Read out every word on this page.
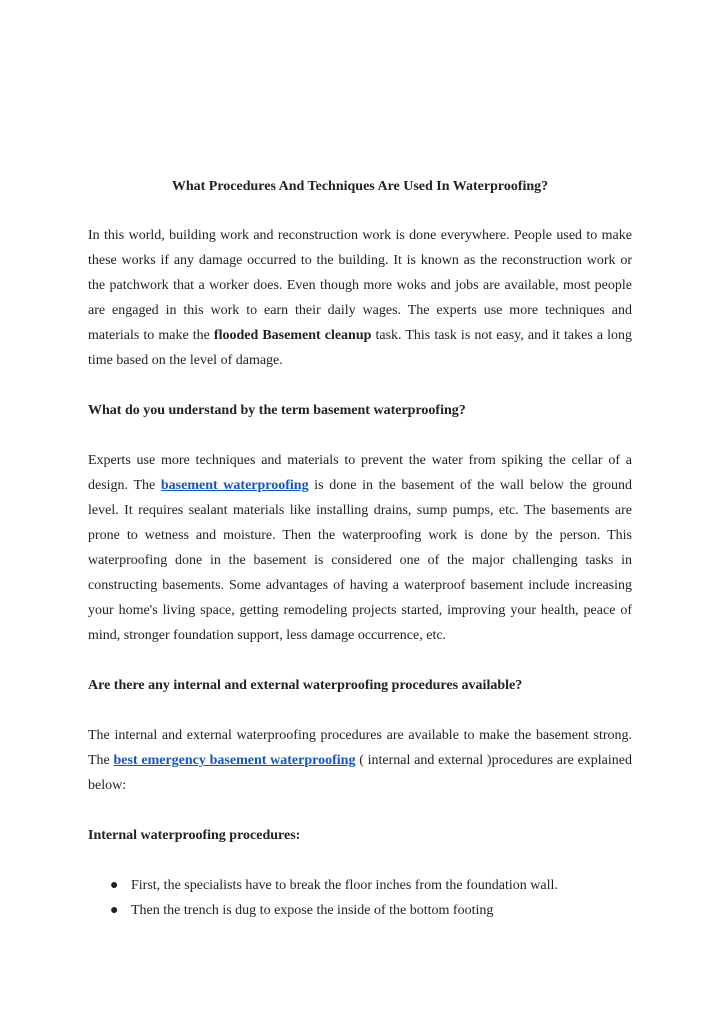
What Procedures And Techniques Are Used In Waterproofing?

In this world, building work and reconstruction work is done everywhere. People used to make these works if any damage occurred to the building. It is known as the reconstruction work or the patchwork that a worker does. Even though more woks and jobs are available, most people are engaged in this work to earn their daily wages. The experts use more techniques and materials to make the flooded Basement cleanup task. This task is not easy, and it takes a long time based on the level of damage.

What do you understand by the term basement waterproofing?

Experts use more techniques and materials to prevent the water from spiking the cellar of a design. The basement waterproofing is done in the basement of the wall below the ground level. It requires sealant materials like installing drains, sump pumps, etc. The basements are prone to wetness and moisture. Then the waterproofing work is done by the person. This waterproofing done in the basement is considered one of the major challenging tasks in constructing basements. Some advantages of having a waterproof basement include increasing your home's living space, getting remodeling projects started, improving your health, peace of mind, stronger foundation support, less damage occurrence, etc.

Are there any internal and external waterproofing procedures available?

The internal and external waterproofing procedures are available to make the basement strong. The best emergency basement waterproofing ( internal and external )procedures are explained below:

Internal waterproofing procedures:
● First, the specialists have to break the floor inches from the foundation wall.
● Then the trench is dug to expose the inside of the bottom footing
